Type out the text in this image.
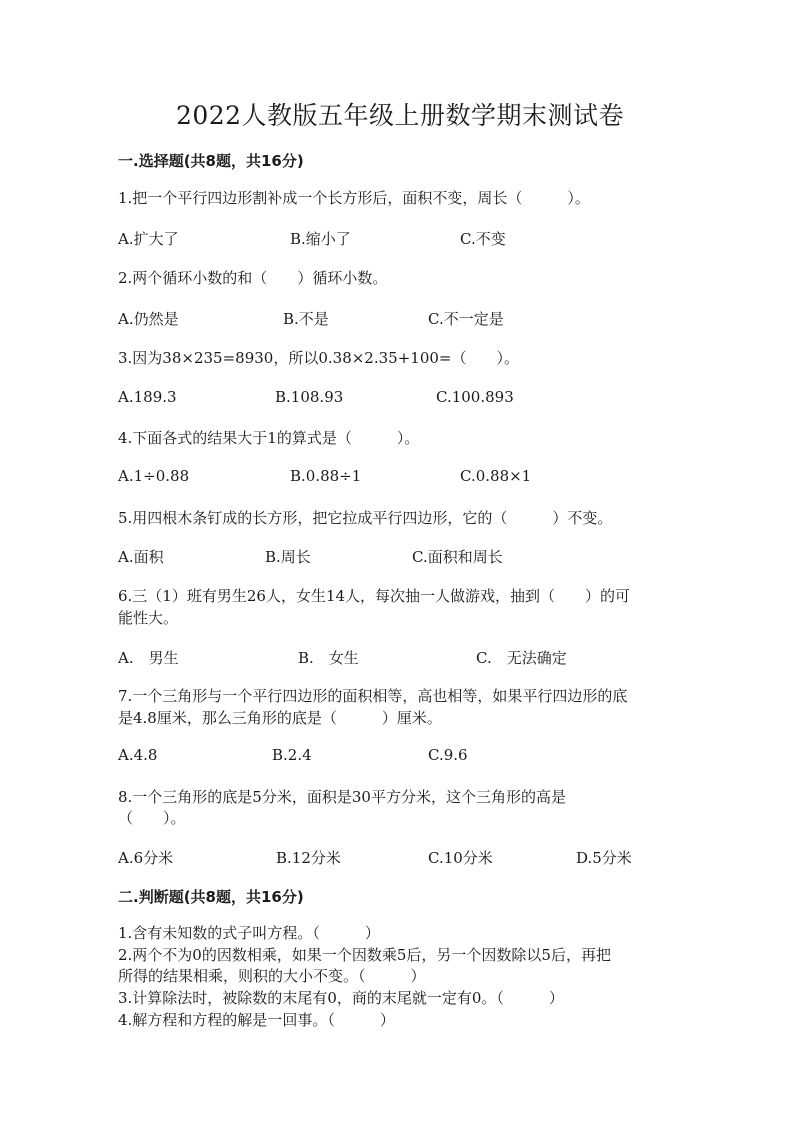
2022人教版五年级上册数学期末测试卷
一.选择题(共8题，共16分)
1.把一个平行四边形割补成一个长方形后，面积不变，周长（　　　）。
A.扩大了	B.缩小了	C.不变
2.两个循环小数的和（　　）循环小数。
A.仍然是	B.不是	C.不一定是
3.因为38×235=8930，所以0.38×2.35+100=（　　）。
A.189.3	B.108.93	C.100.893
4.下面各式的结果大于1的算式是（　　　）。
A.1÷0.88	B.0.88÷1	C.0.88×1
5.用四根木条钉成的长方形，把它拉成平行四边形，它的（　　　）不变。
A.面积	B.周长	C.面积和周长
6.三（1）班有男生26人，女生14人，每次抽一人做游戏，抽到（　　）的可
能性大。
A.　男生	B.　女生	C.　无法确定
7.一个三角形与一个平行四边形的面积相等，高也相等，如果平行四边形的底
是4.8厘米，那么三角形的底是（　　　）厘米。
A.4.8	B.2.4	C.9.6
8.一个三角形的底是5分米，面积是30平方分米，这个三角形的高是
（　　）。
A.6分米	B.12分米	C.10分米	D.5分米
二.判断题(共8题，共16分)
1.含有未知数的式子叫方程。（　　　）
2.两个不为0的因数相乘，如果一个因数乘5后，另一个因数除以5后，再把
所得的结果相乘，则积的大小不变。（　　　）
3.计算除法时，被除数的末尾有0，商的末尾就一定有0。（　　　）
4.解方程和方程的解是一回事。（　　　）
